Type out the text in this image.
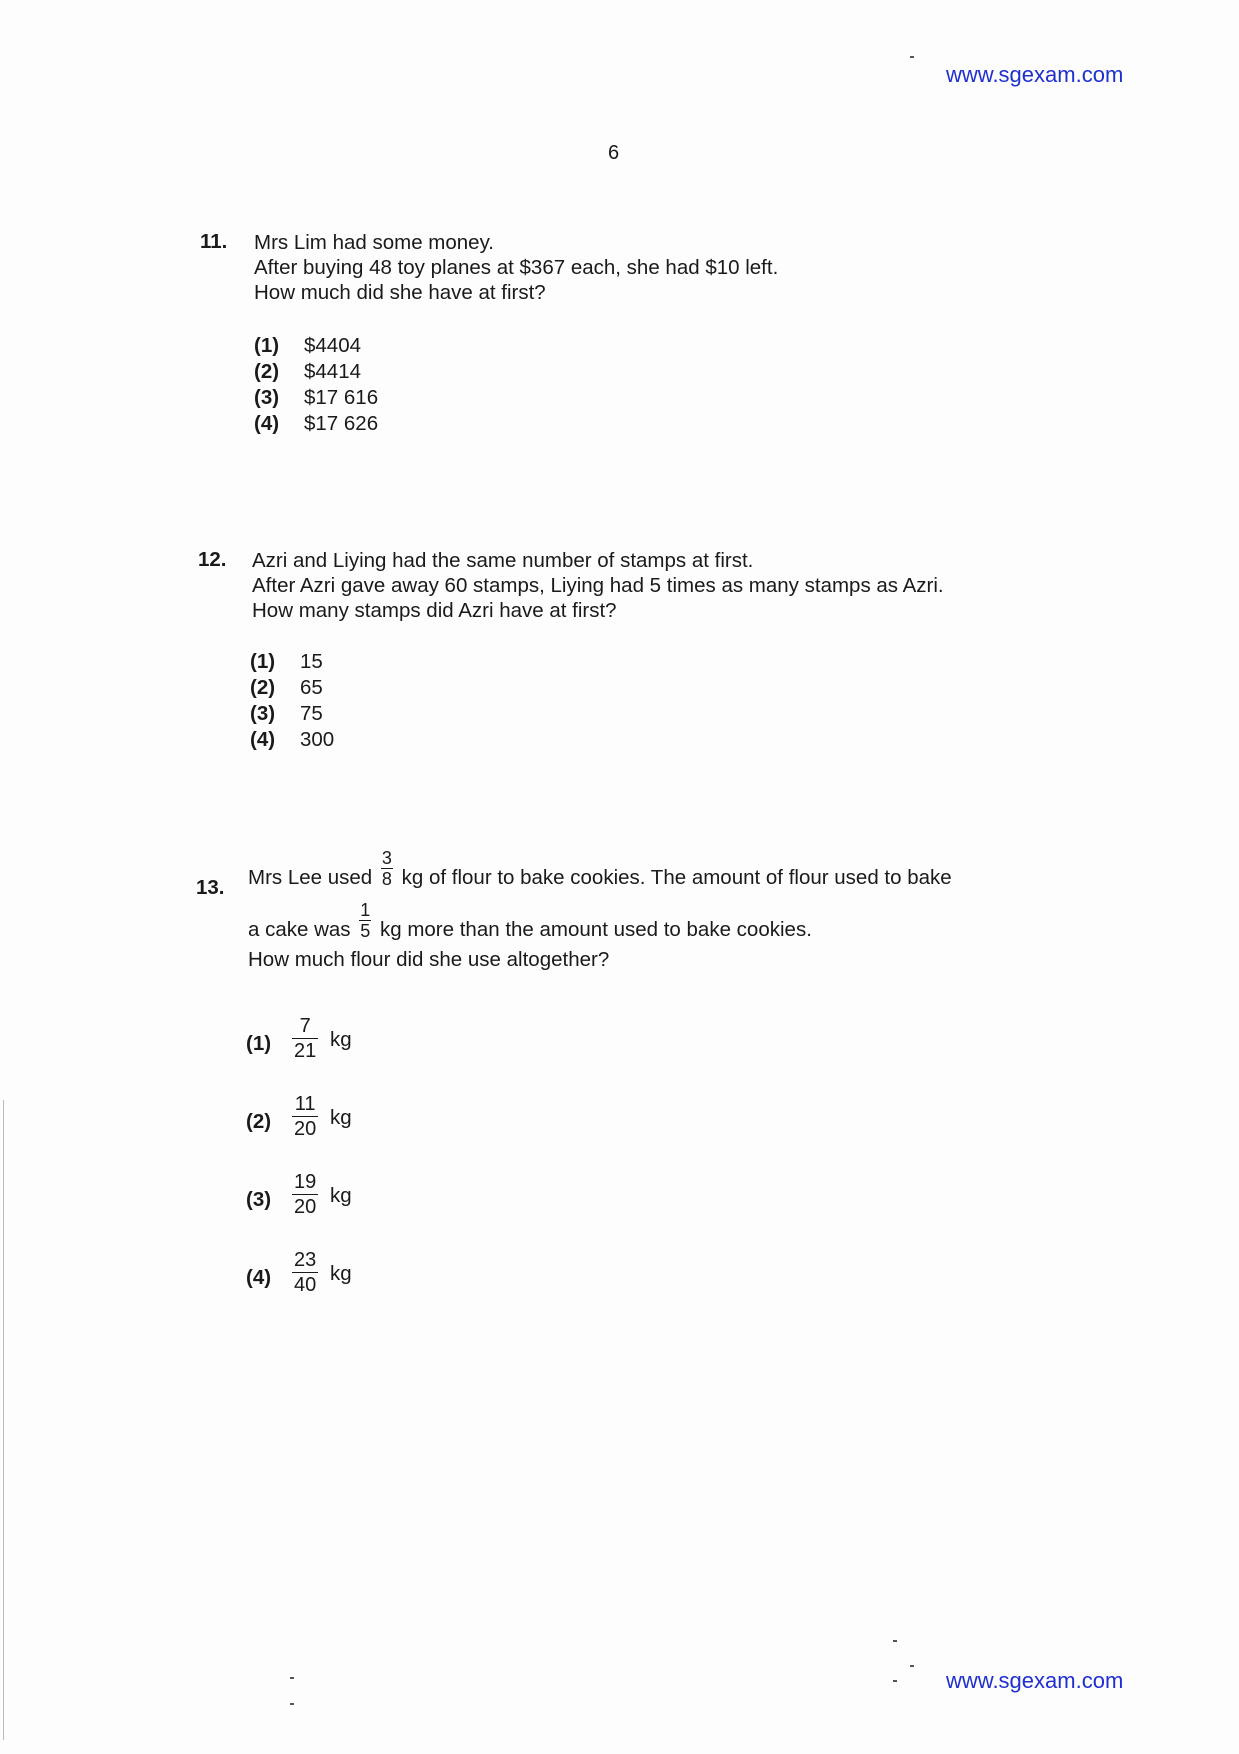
www.sgexam.com
6
11. Mrs Lim had some money.
After buying 48 toy planes at $367 each, she had $10 left.
How much did she have at first?
(1) $4404
(2) $4414
(3) $17 616
(4) $17 626
12. Azri and Liying had the same number of stamps at first.
After Azri gave away 60 stamps, Liying had 5 times as many stamps as Azri.
How many stamps did Azri have at first?
(1) 15
(2) 65
(3) 75
(4) 300
13. Mrs Lee used $\frac{3}{8}$ kg of flour to bake cookies. The amount of flour used to bake
a cake was $\frac{1}{5}$ kg more than the amount used to bake cookies.
How much flour did she use altogether?
(1)	$\frac{7}{21}$ kg
(2)	$\frac{11}{20}$ kg
(3)	$\frac{19}{20}$ kg
(4)	$\frac{23}{40}$ kg
www.sgexam.com
